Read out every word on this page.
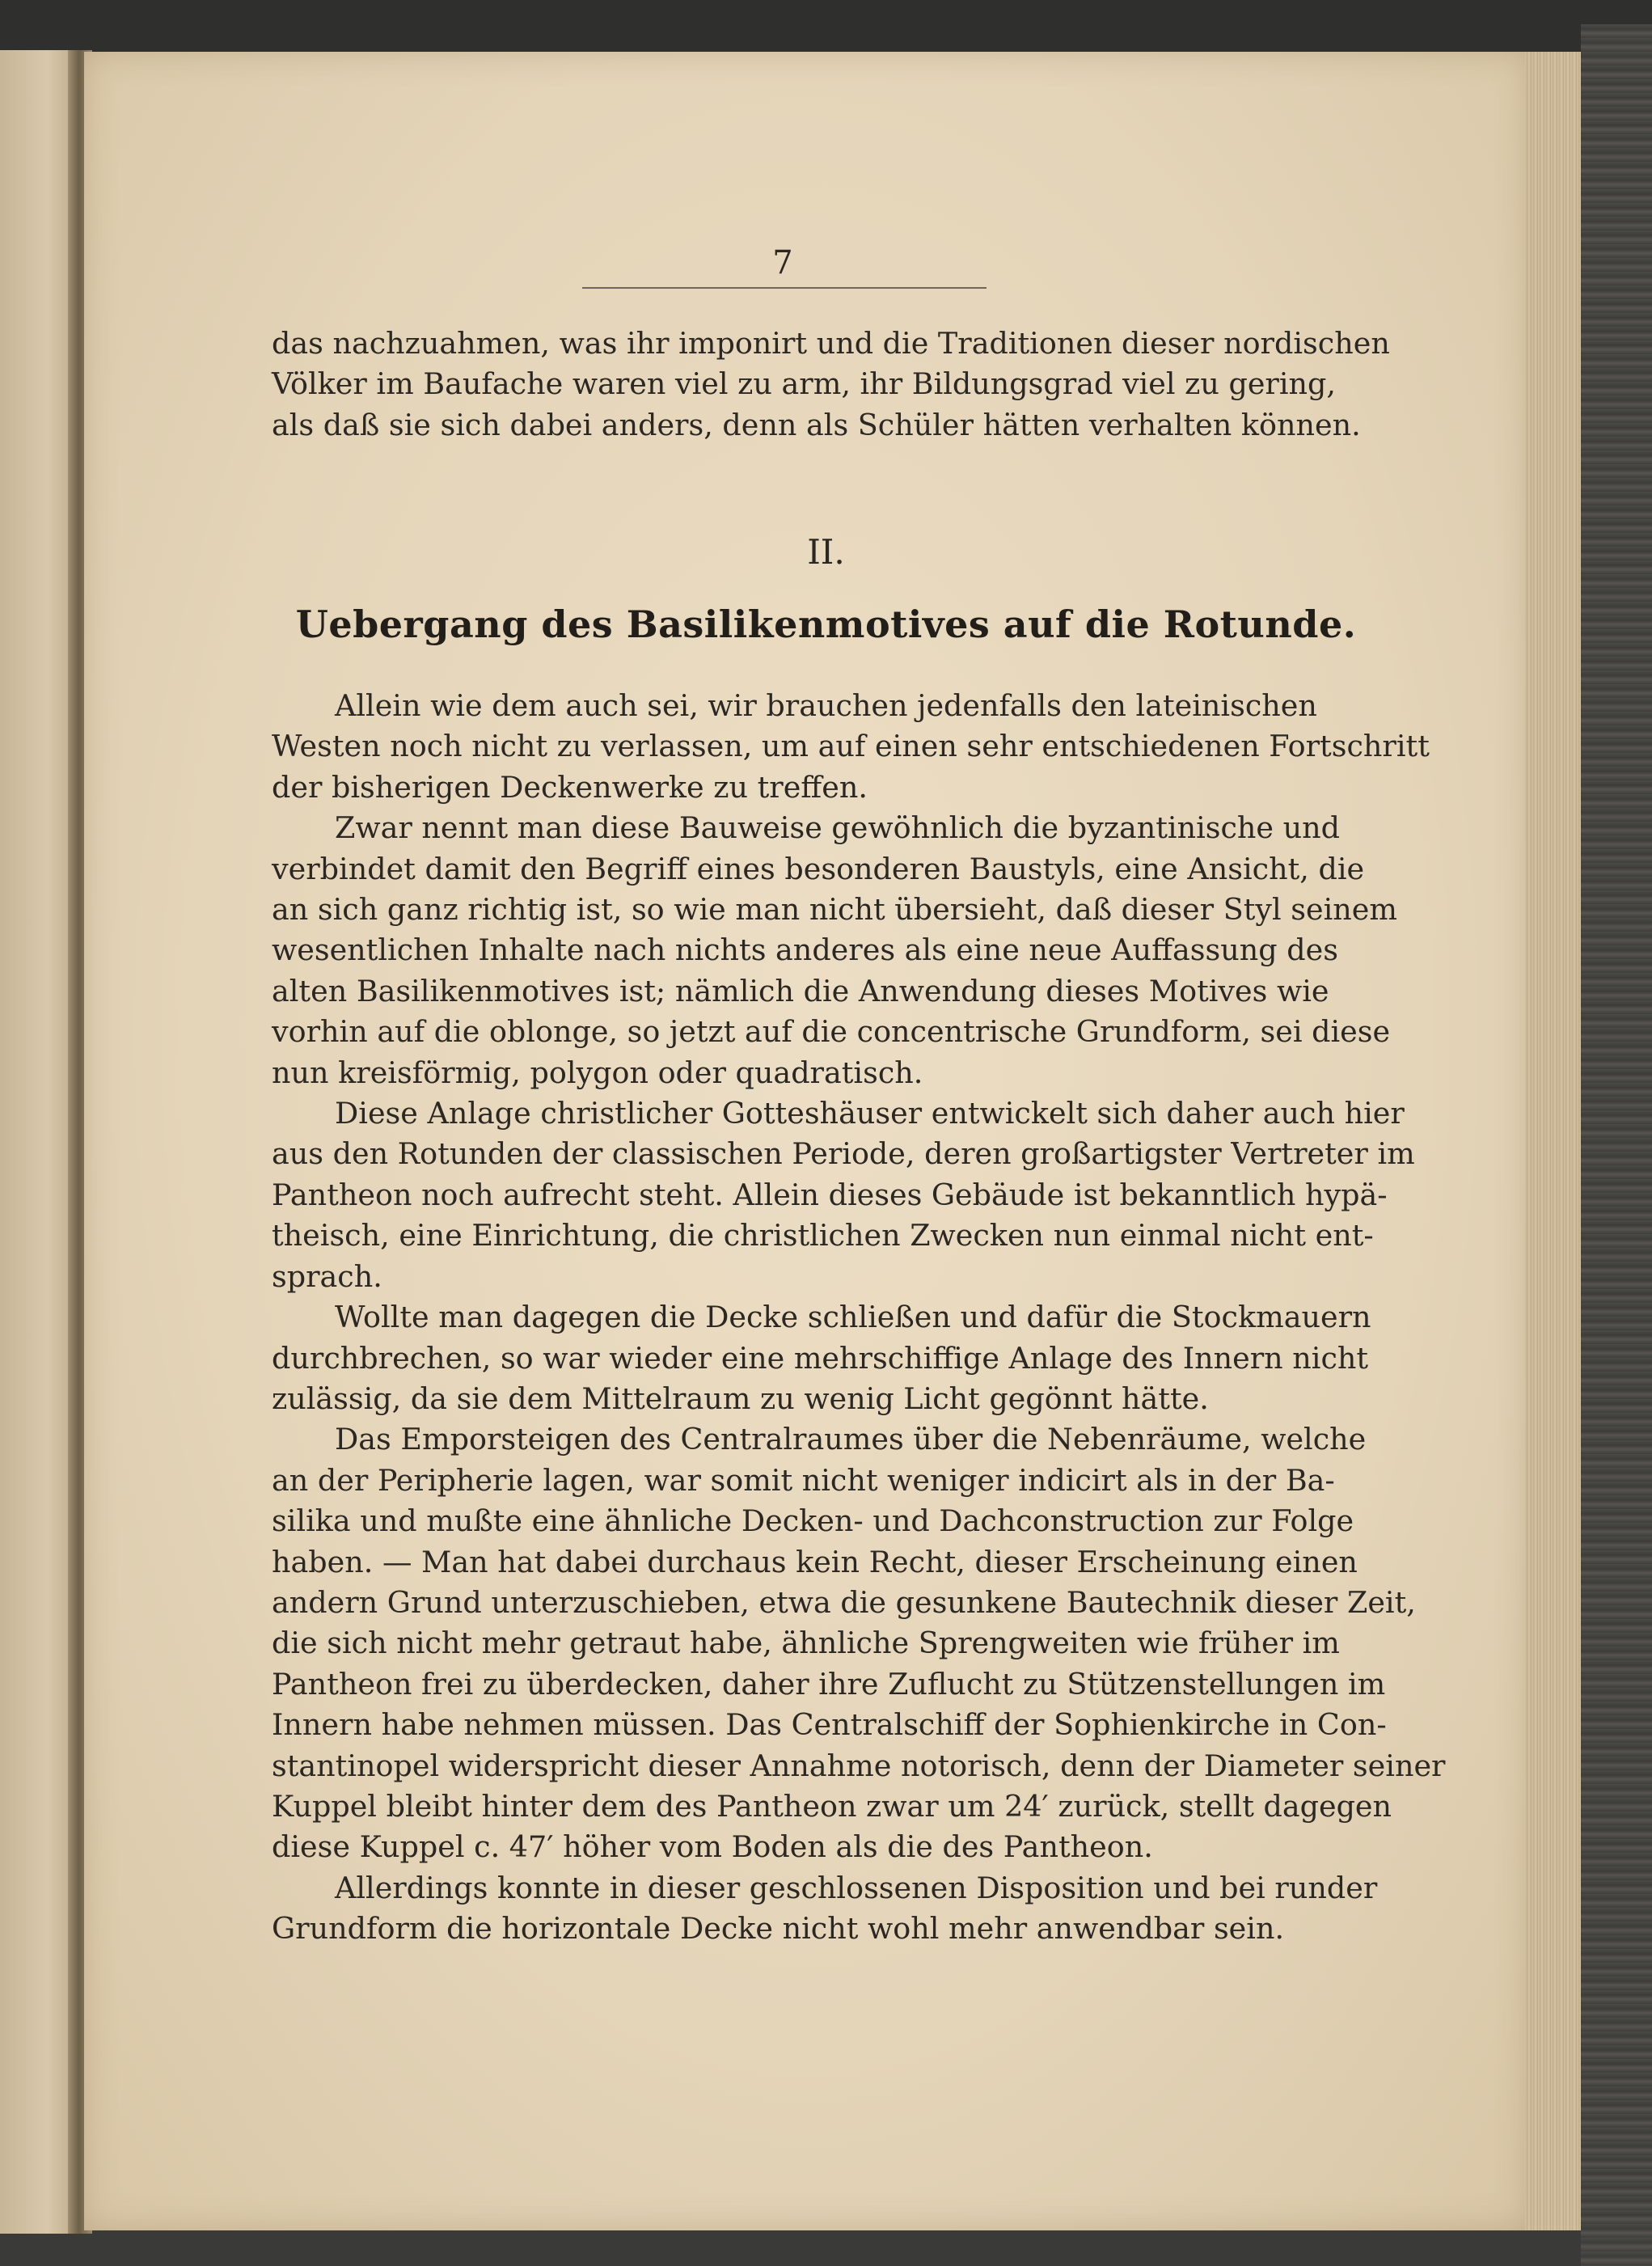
7
das nachzuahmen, was ihr imponirt und die Traditionen dieser nordischen
Völker im Baufache waren viel zu arm, ihr Bildungsgrad viel zu gering,
als daß sie sich dabei anders, denn als Schüler hätten verhalten können.
II.
Uebergang des Basilikenmotives auf die Rotunde.
Allein wie dem auch sei, wir brauchen jedenfalls den lateinischen
Westen noch nicht zu verlassen, um auf einen sehr entschiedenen Fortschritt
der bisherigen Deckenwerke zu treffen.
Zwar nennt man diese Bauweise gewöhnlich die byzantinische und
verbindet damit den Begriff eines besonderen Baustyls, eine Ansicht, die
an sich ganz richtig ist, so wie man nicht übersieht, daß dieser Styl seinem
wesentlichen Inhalte nach nichts anderes als eine neue Auffassung des
alten Basilikenmotives ist; nämlich die Anwendung dieses Motives wie
vorhin auf die oblonge, so jetzt auf die concentrische Grundform, sei diese
nun kreisförmig, polygon oder quadratisch.
Diese Anlage christlicher Gotteshäuser entwickelt sich daher auch hier
aus den Rotunden der classischen Periode, deren großartigster Vertreter im
Pantheon noch aufrecht steht. Allein dieses Gebäude ist bekanntlich hypä-
theisch, eine Einrichtung, die christlichen Zwecken nun einmal nicht ent-
sprach.
Wollte man dagegen die Decke schließen und dafür die Stockmauern
durchbrechen, so war wieder eine mehrschiffige Anlage des Innern nicht
zulässig, da sie dem Mittelraum zu wenig Licht gegönnt hätte.
Das Emporsteigen des Centralraumes über die Nebenräume, welche
an der Peripherie lagen, war somit nicht weniger indicirt als in der Ba-
silika und mußte eine ähnliche Decken- und Dachconstruction zur Folge
haben. — Man hat dabei durchaus kein Recht, dieser Erscheinung einen
andern Grund unterzuschieben, etwa die gesunkene Bautechnik dieser Zeit,
die sich nicht mehr getraut habe, ähnliche Sprengweiten wie früher im
Pantheon frei zu überdecken, daher ihre Zuflucht zu Stützenstellungen im
Innern habe nehmen müssen. Das Centralschiff der Sophienkirche in Con-
stantinopel widerspricht dieser Annahme notorisch, denn der Diameter seiner
Kuppel bleibt hinter dem des Pantheon zwar um 24′ zurück, stellt dagegen
diese Kuppel c. 47′ höher vom Boden als die des Pantheon.
Allerdings konnte in dieser geschlossenen Disposition und bei runder
Grundform die horizontale Decke nicht wohl mehr anwendbar sein.
